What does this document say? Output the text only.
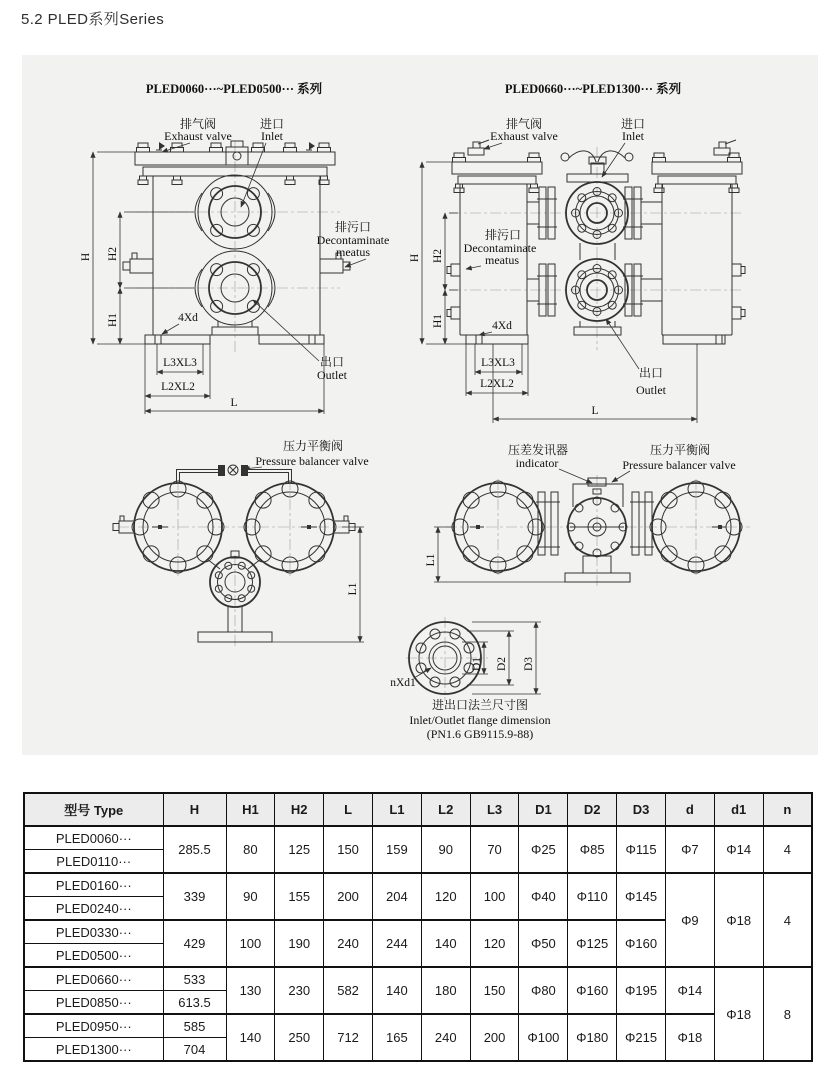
5.2 PLED系列Series
PLED0060···~PLED0500··· 系列
H H2
H1	4Xd
L3XL3
L2XL2
L
排气阀
Exhaust valve
进口
Inlet
排污口
Decontaminate
meatus
出口
Outlet
PLED0660···~PLED1300··· 系列
H H2
H1	4Xd
L3XL3
L2XL2
L
排气阀
Exhaust valve
进口
Inlet
排污口
Decontaminate
meatus
出口
Outlet
压力平衡阀
Pressure balancer valve
L1
压差发讯器
indicator
压力平衡阀
Pressure balancer valve
L1
nXd1
D1 D2 D3
进出口法兰尺寸图
Inlet/Outlet flange dimension
(PN1.6 GB9115.9-88)
型号 Type	H	H1	H2	L	L1	L2	L3	D1	D2	D3	d	d1	n
PLED0060···	285.5	80	125	150	159	90	70	Φ25	Φ85	Φ115	Φ7	Φ14	4
PLED0110···													
PLED0160···	339	90	155	200	204	120	100	Φ40	Φ110	Φ145	Φ9	Φ18	4
PLED0240···													
PLED0330···	429	100	190	240	244	140	120	Φ50	Φ125	Φ160			
PLED0500···													
PLED0660···	533	130	230	582	140	180	150	Φ80	Φ160	Φ195	Φ14	Φ18	8
PLED0850···	613.5												
PLED0950···	585	140	250	712	165	240	200	Φ100	Φ180	Φ215	Φ18		
PLED1300···	704												
